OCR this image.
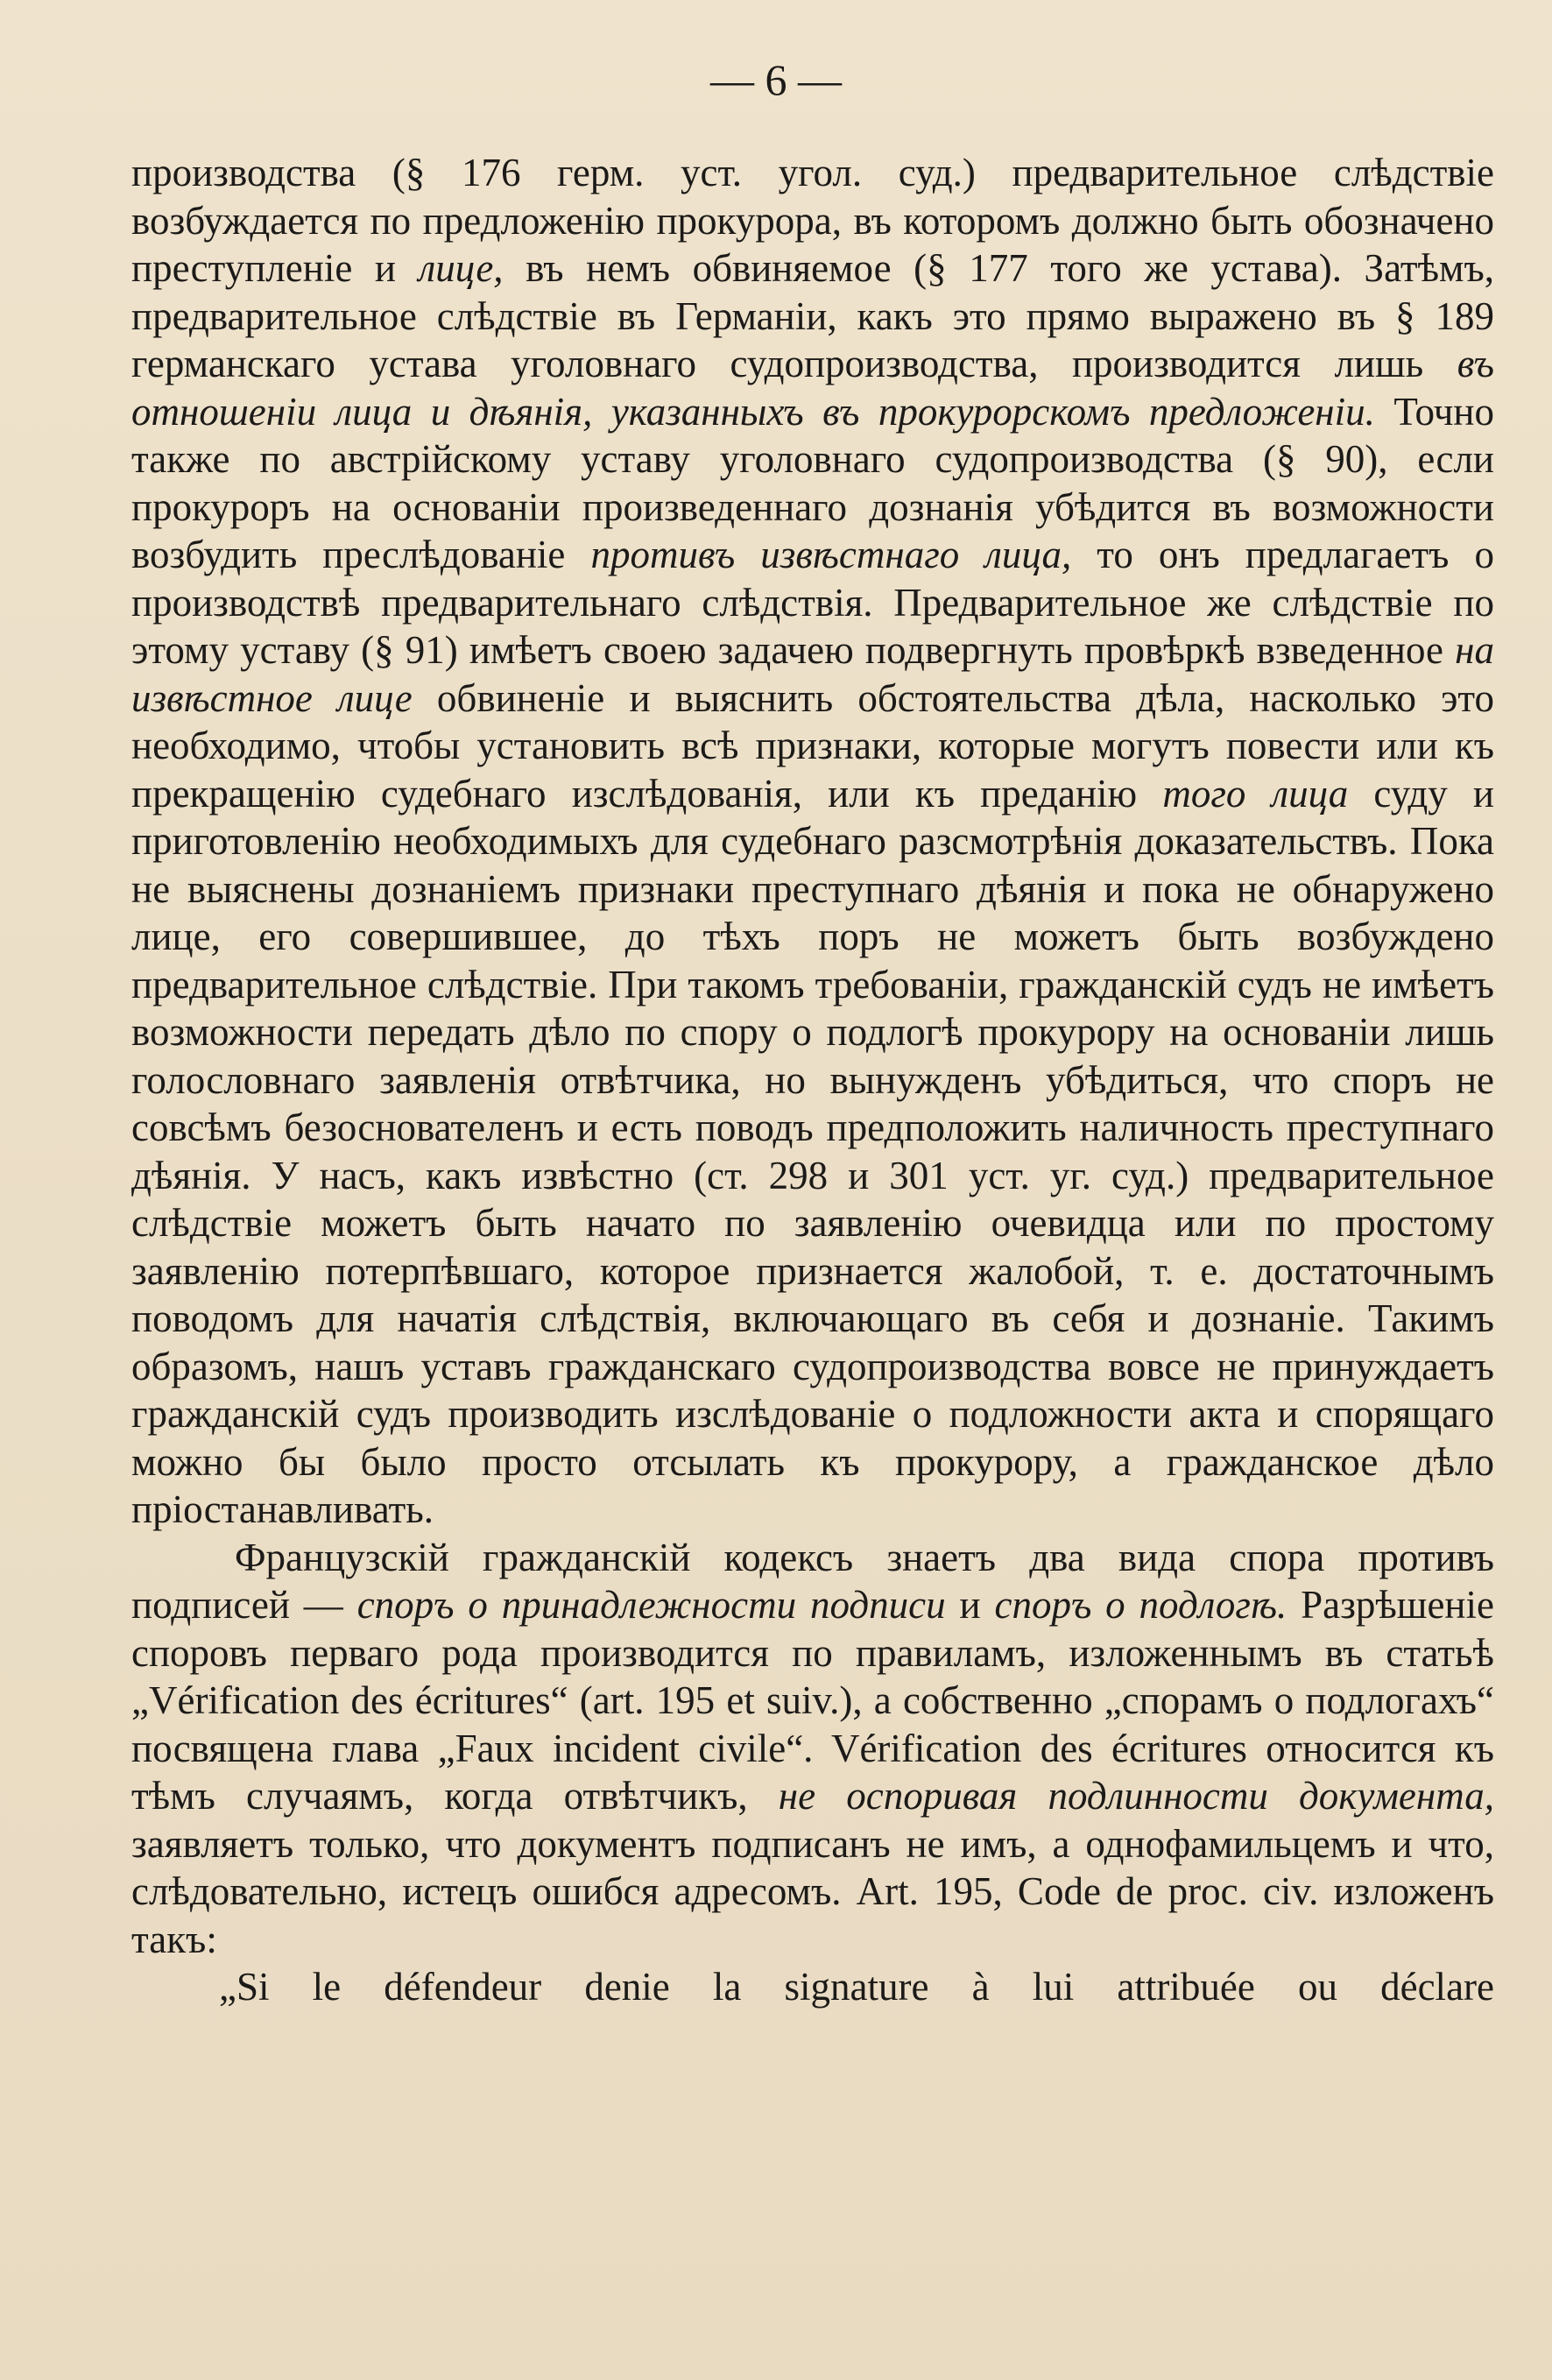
— 6 —

производства (§ 176 герм. уст. угол. суд.) предварительное слѣдствіе возбуждается по предложенію прокурора, въ которомъ должно быть обозначено преступленіе и лице, въ немъ обвиняемое (§ 177 того же устава). Затѣмъ, предварительное слѣдствіе въ Германіи, какъ это прямо выражено въ § 189 германскаго устава уголовнаго судопроизводства, производится лишь въ отношеніи лица и дѣянія, указанныхъ въ прокурорскомъ предложеніи. Точно также по австрійскому уставу уголовнаго судопроизводства (§ 90), если прокуроръ на основаніи произведеннаго дознанія убѣдится въ возможности возбудить преслѣдованіе противъ извѣстнаго лица, то онъ предлагаетъ о производствѣ предварительнаго слѣдствія. Предварительное же слѣдствіе по этому уставу (§ 91) имѣетъ своею задачею подвергнуть провѣркѣ взведенное на извѣстное лице обвиненіе и выяснить обстоятельства дѣла, насколько это необходимо, чтобы установить всѣ признаки, которые могутъ повести или къ прекращенію судебнаго изслѣдованія, или къ преданію того лица суду и приготовленію необходимыхъ для судебнаго разсмотрѣнія доказательствъ. Пока не выяснены дознаніемъ признаки преступнаго дѣянія и пока не обнаружено лице, его совершившее, до тѣхъ поръ не можетъ быть возбуждено предварительное слѣдствіе. При такомъ требованіи, гражданскій судъ не имѣетъ возможности передать дѣло по спору о подлогѣ прокурору на основаніи лишь голословнаго заявленія отвѣтчика, но вынужденъ убѣдиться, что споръ не совсѣмъ безоснователенъ и есть поводъ предположить наличность преступнаго дѣянія. У насъ, какъ извѣстно (ст. 298 и 301 уст. уг. суд.) предварительное слѣдствіе можетъ быть начато по заявленію очевидца или по простому заявленію потерпѣвшаго, которое признается жалобой, т. е. достаточнымъ поводомъ для начатія слѣдствія, включающаго въ себя и дознаніе. Такимъ образомъ, нашъ уставъ гражданскаго судопроизводства вовсе не принуждаетъ гражданскій судъ производить изслѣдованіе о подложности акта и спорящаго можно бы было просто отсылать къ прокурору, а гражданское дѣло пріостанавливать.

Французскій гражданскій кодексъ знаетъ два вида спора противъ подписей — споръ о принадлежности подписи и споръ о подлогѣ. Разрѣшеніе споровъ перваго рода производится по правиламъ, изложеннымъ въ статьѣ „Vérification des écritures“ (art. 195 et suiv.), а собственно „спорамъ о подлогахъ“ посвящена глава „Faux incident civile“. Vérification des écritures относится къ тѣмъ случаямъ, когда отвѣтчикъ, не оспоривая подлинности документа, заявляетъ только, что документъ подписанъ не имъ, а однофамильцемъ и что, слѣдовательно, истецъ ошибся адресомъ. Art. 195, Code de proc. civ. изложенъ такъ:

„Si le défendeur denie la signature à lui attribuée ou déclare
